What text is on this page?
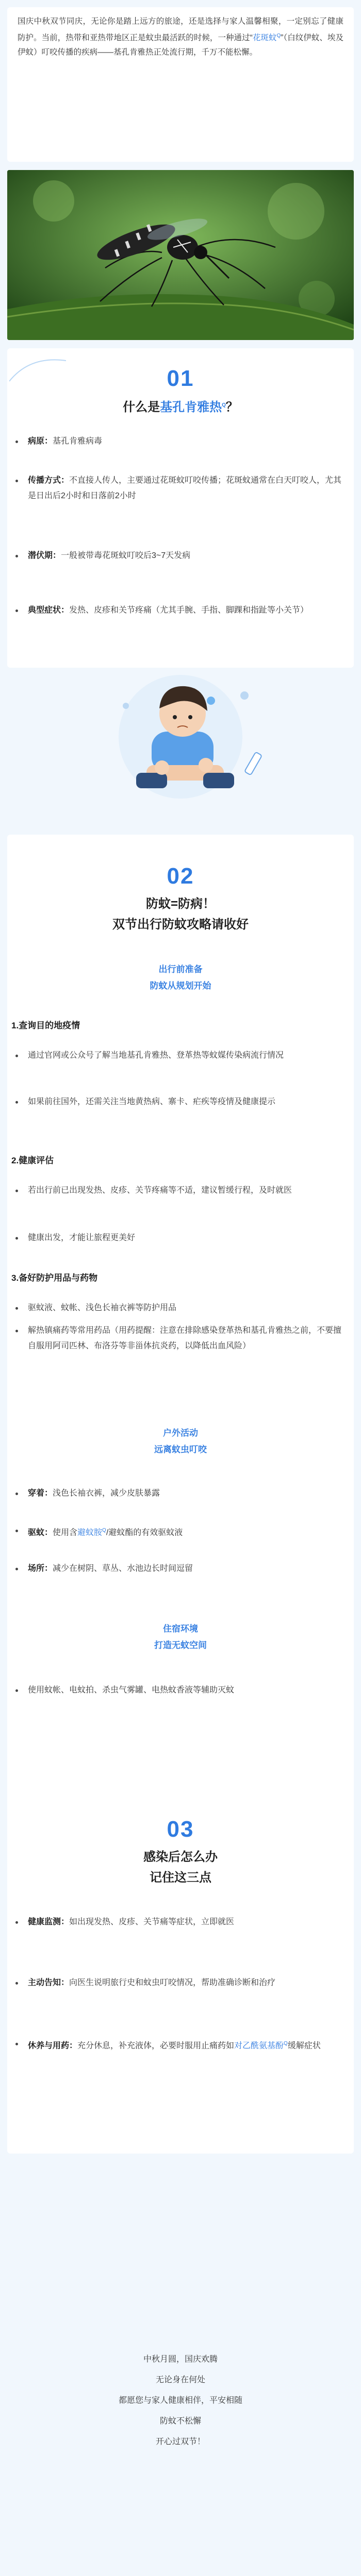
国庆中秋双节同庆，无论你是踏上远方的旅途，还是选择与家人温馨相聚，一定别忘了健康防护。当前，热带和亚热带地区正是蚊虫最活跃的时候，一种通过“花斑蚊$^Q$”（白纹伊蚊、埃及伊蚊）叮咬传播的疾病——基孔肯雅热正处流行期，千万不能松懈。

01
什么是基孔肯雅热$^Q$？
病原：基孔肯雅病毒
传播方式：不直接人传人，主要通过花斑蚊叮咬传播；花斑蚊通常在白天叮咬人，尤其是日出后2小时和日落前2小时
潜伏期：一般被带毒花斑蚊叮咬后3~7天发病
典型症状：发热、皮疹和关节疼痛（尤其手腕、手指、脚踝和指趾等小关节）
02
防蚊=防病！
双节出行防蚊攻略请收好
出行前准备
防蚊从规划开始
1.查询目的地疫情
通过官网或公众号了解当地基孔肯雅热、登革热等蚊媒传染病流行情况
如果前往国外，还需关注当地黄热病、寨卡、疟疾等疫情及健康提示
2.健康评估
若出行前已出现发热、皮疹、关节疼痛等不适，建议暂缓行程，及时就医
健康出发，才能让旅程更美好
3.备好防护用品与药物
驱蚊液、蚊帐、浅色长袖衣裤等防护用品
解热镇痛药等常用药品（用药提醒：注意在排除感染登革热和基孔肯雅热之前，不要擅自服用阿司匹林、布洛芬等非甾体抗炎药，以降低出血风险）
户外活动
远离蚊虫叮咬
穿着：浅色长袖衣裤，减少皮肤暴露
驱蚊：使用含避蚊胺$^Q$/避蚊酯的有效驱蚊液
场所：减少在树阴、草丛、水池边长时间逗留
住宿环境
打造无蚊空间
使用蚊帐、电蚊拍、杀虫气雾罐、电热蚊香液等辅助灭蚊
03
感染后怎么办
记住这三点
健康监测：如出现发热、皮疹、关节痛等症状，立即就医
主动告知：向医生说明旅行史和蚊虫叮咬情况，帮助准确诊断和治疗
休养与用药：充分休息，补充液体，必要时服用止痛药如对乙酰氨基酚$^Q$缓解症状
中秋月圆，国庆欢腾
无论身在何处
都愿您与家人健康相伴，平安相随
防蚊不松懈
开心过双节！
